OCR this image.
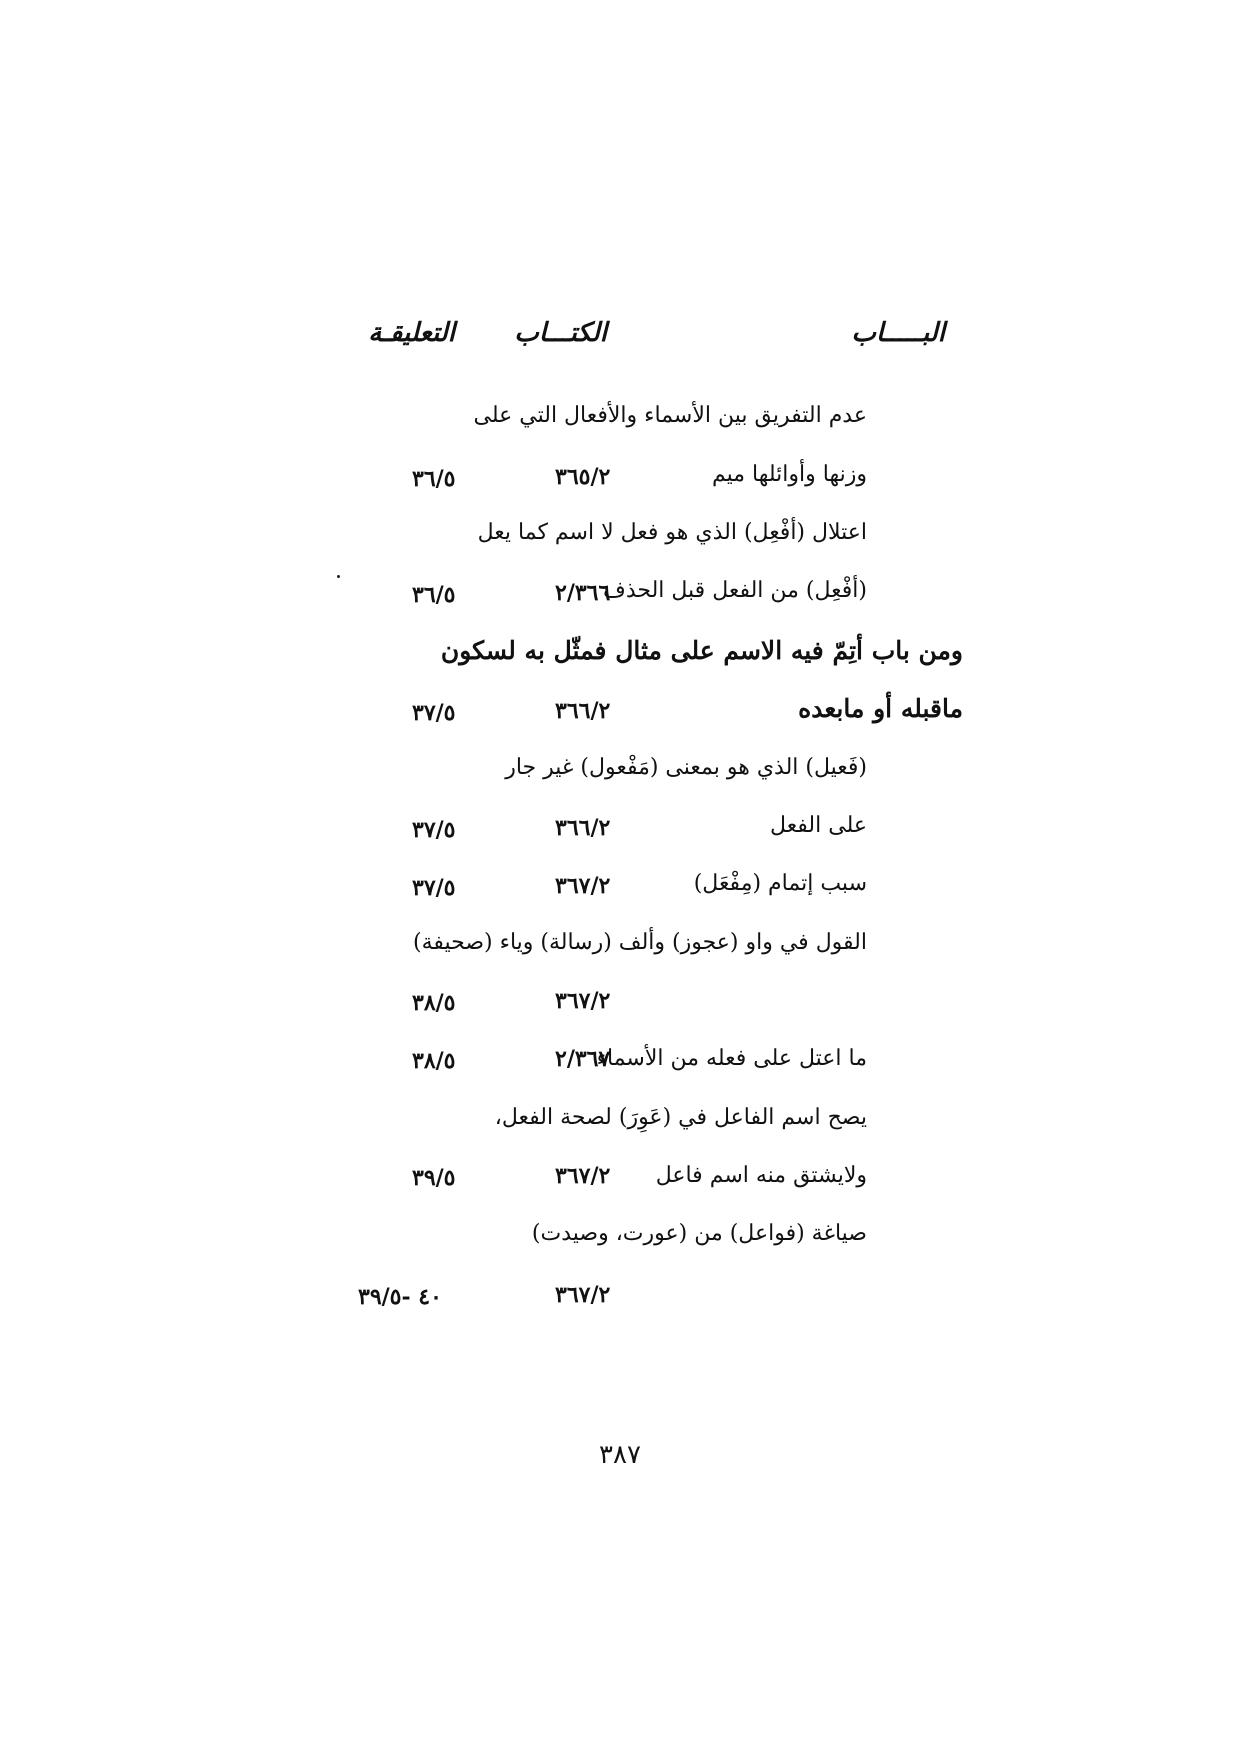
البـــــاب
الكتـــاب
التعليقـة
عدم التفريق بين الأسماء والأفعال التي على
وزنها وأوائلها ميم
٣٦٥/٢
٣٦/٥
اعتلال (أفْعِل) الذي هو فعل لا اسم كما يعل
(أفْعِل) من الفعل قبل الحذف
٢/٣٦٦
٣٦/٥
ومن باب أتِمّ فيه الاسم على مثال فمثّل به لسكون
ماقبله أو مابعده
٣٦٦/٢
٣٧/٥
(فَعيل) الذي هو بمعنى (مَفْعول) غير جار
على الفعل
٣٦٦/٢
٣٧/٥
سبب إتمام (مِفْعَل)
٣٦٧/٢
٣٧/٥
القول في واو (عجوز) وألف (رسالة) وياء (صحيفة)
٣٦٧/٢
٣٨/٥
ما اعتل على فعله من الأسماء
٢/٣٦٧
٣٨/٥
يصح اسم الفاعل في (عَوِرَ) لصحة الفعل،
ولايشتق منه اسم فاعل
٣٦٧/٢
٣٩/٥
صياغة (فواعل) من (عورت، وصيدت)
٣٦٧/٢
٤٠ -٣٩/٥
٣٨٧
